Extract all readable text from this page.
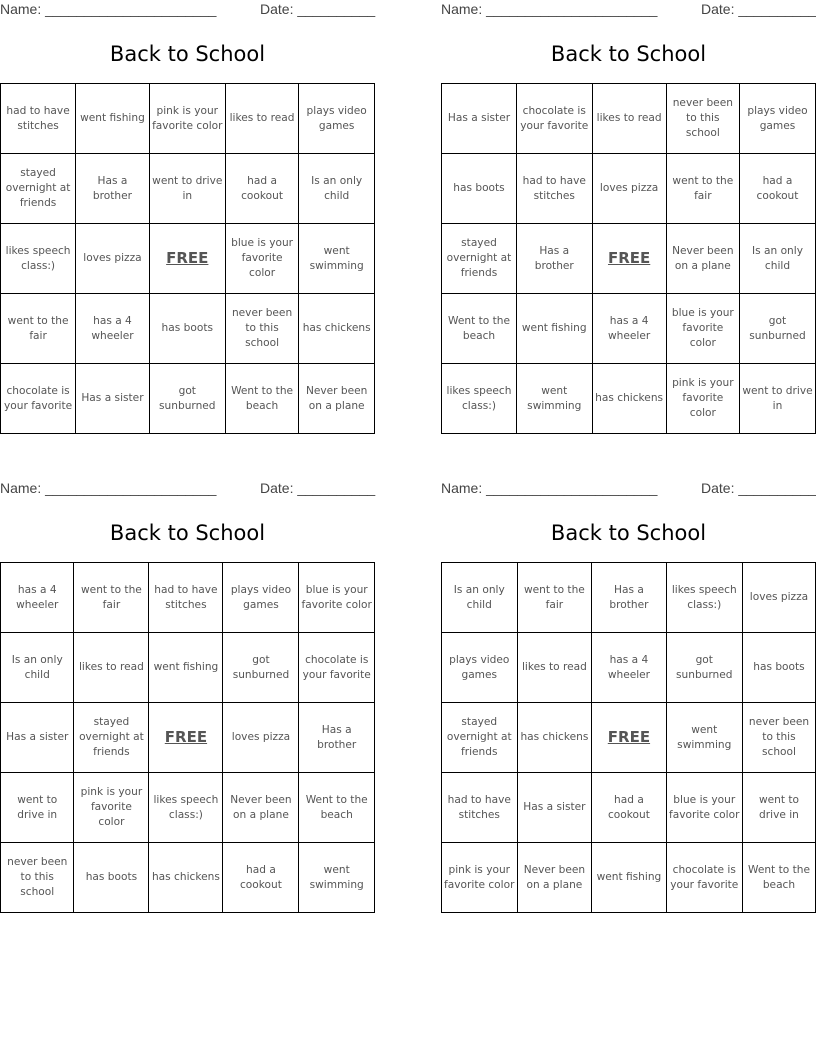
Name: ______________________	Date: __________
Back to School
had to have stitches	went fishing	pink is your favorite color	likes to read	plays video games
stayed overnight at friends	Has a brother	went to drive in	had a cookout	Is an only child
likes speech class:)	loves pizza	FREE	blue is your favorite color	went swimming
went to the fair	has a 4 wheeler	has boots	never been to this school	has chickens
chocolate is your favorite	Has a sister	got sunburned	Went to the beach	Never been on a plane
Name: ______________________	Date: __________
Back to School
Has a sister	chocolate is your favorite	likes to read	never been to this school	plays video games
has boots	had to have stitches	loves pizza	went to the fair	had a cookout
stayed overnight at friends	Has a brother	FREE	Never been on a plane	Is an only child
Went to the beach	went fishing	has a 4 wheeler	blue is your favorite color	got sunburned
likes speech class:)	went swimming	has chickens	pink is your favorite color	went to drive in
Name: ______________________	Date: __________
Back to School
has a 4 wheeler	went to the fair	had to have stitches	plays video games	blue is your favorite color
Is an only child	likes to read	went fishing	got sunburned	chocolate is your favorite
Has a sister	stayed overnight at friends	FREE	loves pizza	Has a brother
went to drive in	pink is your favorite color	likes speech class:)	Never been on a plane	Went to the beach
never been to this school	has boots	has chickens	had a cookout	went swimming
Name: ______________________	Date: __________
Back to School
Is an only child	went to the fair	Has a brother	likes speech class:)	loves pizza
plays video games	likes to read	has a 4 wheeler	got sunburned	has boots
stayed overnight at friends	has chickens	FREE	went swimming	never been to this school
had to have stitches	Has a sister	had a cookout	blue is your favorite color	went to drive in
pink is your favorite color	Never been on a plane	went fishing	chocolate is your favorite	Went to the beach
